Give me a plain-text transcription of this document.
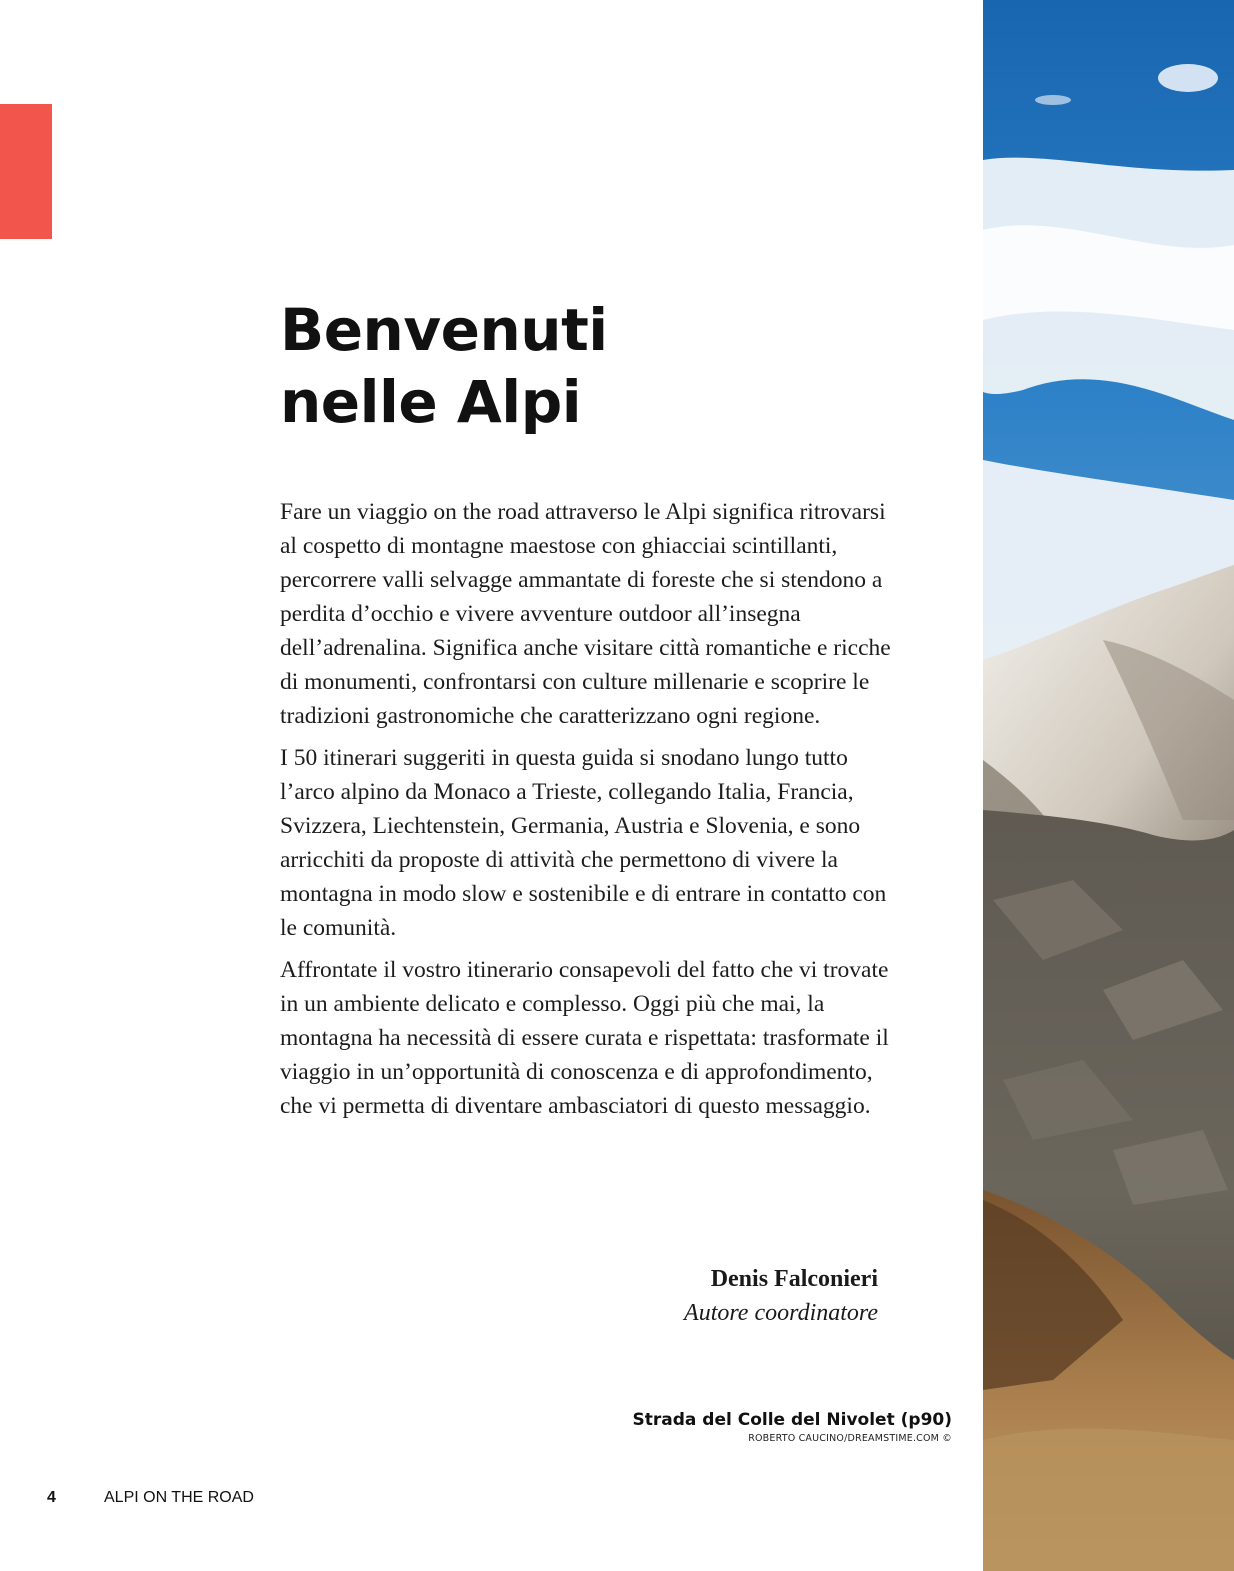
Benvenuti
nelle Alpi

Fare un viaggio on the road attraverso le Alpi significa ritrovarsi al cospetto di montagne maestose con ghiacciai scintillanti, percorrere valli selvagge ammantate di foreste che si stendono a perdita d’occhio e vivere avventure outdoor all’insegna dell’adrenalina. Significa anche visitare città romantiche e ricche di monumenti, confrontarsi con culture millenarie e scoprire le tradizioni gastronomiche che caratterizzano ogni regione.

I 50 itinerari suggeriti in questa guida si snodano lungo tutto l’arco alpino da Monaco a Trieste, collegando Italia, Francia, Svizzera, Liechtenstein, Germania, Austria e Slovenia, e sono arricchiti da proposte di attività che permettono di vivere la montagna in modo slow e sostenibile e di entrare in contatto con le comunità.

Affrontate il vostro itinerario consapevoli del fatto che vi trovate in un ambiente delicato e complesso. Oggi più che mai, la montagna ha necessità di essere curata e rispettata: trasformate il viaggio in un’opportunità di conoscenza e di approfondimento, che vi permetta di diventare ambasciatori di questo messaggio.

Denis Falconieri
Autore coordinatore
Strada del Colle del Nivolet (p90)
ROBERTO CAUCINO/DREAMSTIME.COM ©
4	ALPI ON THE ROAD
